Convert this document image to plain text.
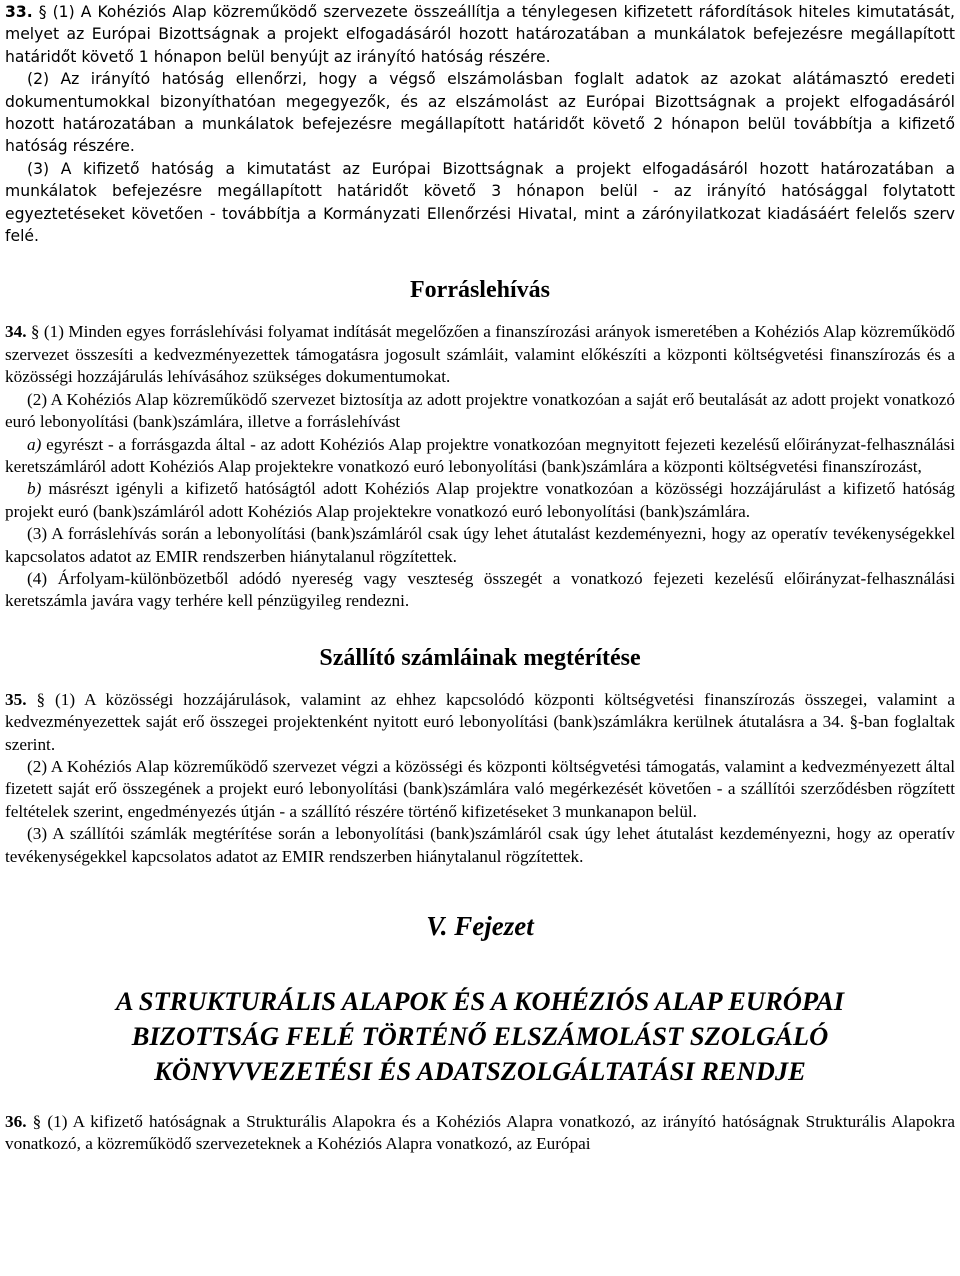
33. § (1) A Kohéziós Alap közreműködő szervezete összeállítja a ténylegesen kifizetett ráfordítások hiteles kimutatását, melyet az Európai Bizottságnak a projekt elfogadásáról hozott határozatában a munkálatok befejezésre megállapított határidőt követő 1 hónapon belül benyújt az irányító hatóság részére.

(2) Az irányító hatóság ellenőrzi, hogy a végső elszámolásban foglalt adatok az azokat alátámasztó eredeti dokumentumokkal bizonyíthatóan megegyezők, és az elszámolást az Európai Bizottságnak a projekt elfogadásáról hozott határozatában a munkálatok befejezésre megállapított határidőt követő 2 hónapon belül továbbítja a kifizető hatóság részére.

(3) A kifizető hatóság a kimutatást az Európai Bizottságnak a projekt elfogadásáról hozott határozatában a munkálatok befejezésre megállapított határidőt követő 3 hónapon belül - az irányító hatósággal folytatott egyeztetéseket követően - továbbítja a Kormányzati Ellenőrzési Hivatal, mint a zárónyilatkozat kiadásáért felelős szerv felé.

Forráslehívás

34. § (1) Minden egyes forráslehívási folyamat indítását megelőzően a finanszírozási arányok ismeretében a Kohéziós Alap közreműködő szervezet összesíti a kedvezményezettek támogatásra jogosult számláit, valamint előkészíti a központi költségvetési finanszírozás és a közösségi hozzájárulás lehívásához szükséges dokumentumokat.

(2) A Kohéziós Alap közreműködő szervezet biztosítja az adott projektre vonatkozóan a saját erő beutalását az adott projekt vonatkozó euró lebonyolítási (bank)számlára, illetve a forráslehívást

a) egyrészt - a forrásgazda által - az adott Kohéziós Alap projektre vonatkozóan megnyitott fejezeti kezelésű előirányzat-felhasználási keretszámláról adott Kohéziós Alap projektekre vonatkozó euró lebonyolítási (bank)számlára a központi költségvetési finanszírozást,

b) másrészt igényli a kifizető hatóságtól adott Kohéziós Alap projektre vonatkozóan a közösségi hozzájárulást a kifizető hatóság projekt euró (bank)számláról adott Kohéziós Alap projektekre vonatkozó euró lebonyolítási (bank)számlára.

(3) A forráslehívás során a lebonyolítási (bank)számláról csak úgy lehet átutalást kezdeményezni, hogy az operatív tevékenységekkel kapcsolatos adatot az EMIR rendszerben hiánytalanul rögzítettek.

(4) Árfolyam-különbözetből adódó nyereség vagy veszteség összegét a vonatkozó fejezeti kezelésű előirányzat-felhasználási keretszámla javára vagy terhére kell pénzügyileg rendezni.

Szállító számláinak megtérítése

35. § (1) A közösségi hozzájárulások, valamint az ehhez kapcsolódó központi költségvetési finanszírozás összegei, valamint a kedvezményezettek saját erő összegei projektenként nyitott euró lebonyolítási (bank)számlákra kerülnek átutalásra a 34. §-ban foglaltak szerint.

(2) A Kohéziós Alap közreműködő szervezet végzi a közösségi és központi költségvetési támogatás, valamint a kedvezményezett által fizetett saját erő összegének a projekt euró lebonyolítási (bank)számlára való megérkezését követően - a szállítói szerződésben rögzített feltételek szerint, engedményezés útján - a szállító részére történő kifizetéseket 3 munkanapon belül.

(3) A szállítói számlák megtérítése során a lebonyolítási (bank)számláról csak úgy lehet átutalást kezdeményezni, hogy az operatív tevékenységekkel kapcsolatos adatot az EMIR rendszerben hiánytalanul rögzítettek.

V. Fejezet
A STRUKTURÁLIS ALAPOK ÉS A KOHÉZIÓS ALAP EURÓPAI
BIZOTTSÁG FELÉ TÖRTÉNŐ ELSZÁMOLÁST SZOLGÁLÓ
KÖNYVVEZETÉSI ÉS ADATSZOLGÁLTATÁSI RENDJE

36. § (1) A kifizető hatóságnak a Strukturális Alapokra és a Kohéziós Alapra vonatkozó, az irányító hatóságnak Strukturális Alapokra vonatkozó, a közreműködő szervezeteknek a Kohéziós Alapra vonatkozó, az Európai
